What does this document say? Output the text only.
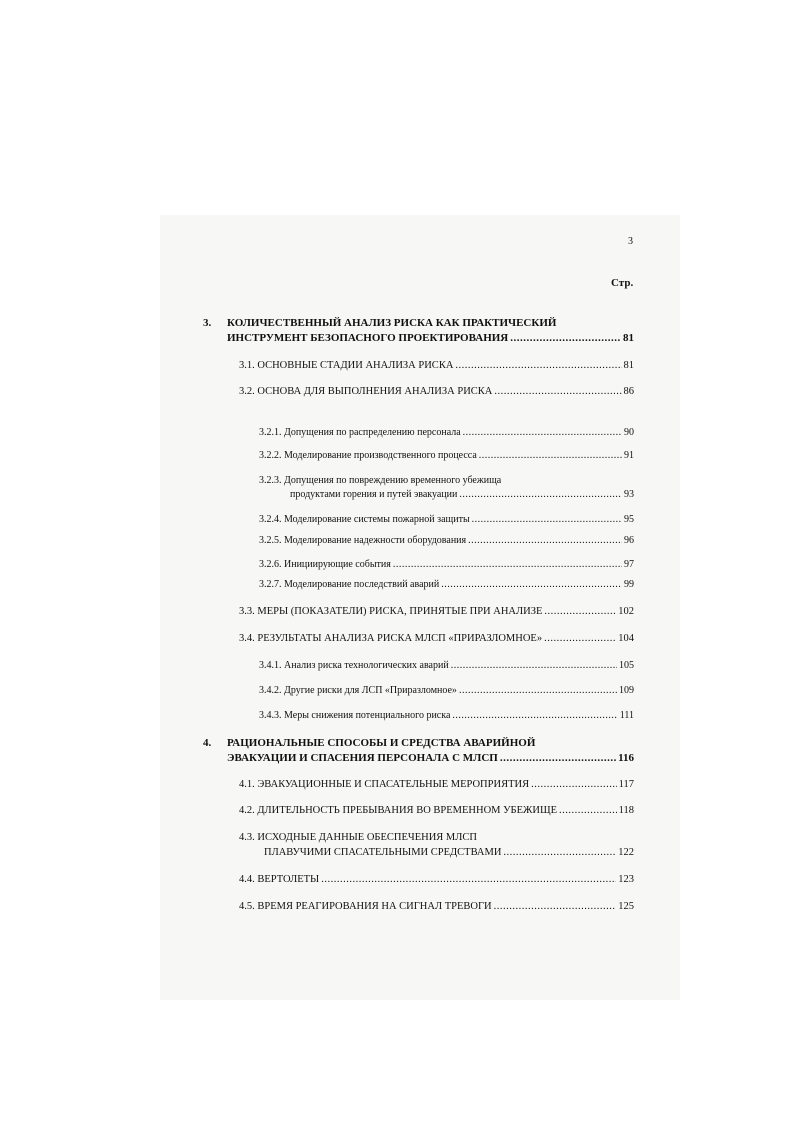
3
Стр.
3. КОЛИЧЕСТВЕННЫЙ АНАЛИЗ РИСКА КАК ПРАКТИЧЕСКИЙ
ИНСТРУМЕНТ БЕЗОПАСНОГО ПРОЕКТИРОВАНИЯ .....	81
3.1. ОСНОВНЫЕ СТАДИИ АНАЛИЗА РИСКА .....	81
3.2. ОСНОВА ДЛЯ ВЫПОЛНЕНИЯ АНАЛИЗА РИСКА .....	86
3.2.1. Допущения по распределению персонала .....	90
3.2.2. Моделирование производственного процесса .....	91
3.2.3. Допущения по повреждению временного убежища
продуктами горения и путей эвакуации .....	93
3.2.4. Моделирование системы пожарной защиты .....	95
3.2.5. Моделирование надежности оборудования .....	96
3.2.6. Инициирующие события .....	97
3.2.7. Моделирование последствий аварий .....	99
3.3. МЕРЫ (ПОКАЗАТЕЛИ) РИСКА, ПРИНЯТЫЕ ПРИ АНАЛИЗЕ .....	102
3.4. РЕЗУЛЬТАТЫ АНАЛИЗА РИСКА МЛСП «ПРИРАЗЛОМНОЕ» .....	104
3.4.1. Анализ риска технологических аварий .....	105
3.4.2. Другие риски для ЛСП «Приразломное» .....	109
3.4.3. Меры снижения потенциального риска .....	111
4. РАЦИОНАЛЬНЫЕ СПОСОБЫ И СРЕДСТВА АВАРИЙНОЙ
ЭВАКУАЦИИ И СПАСЕНИЯ ПЕРСОНАЛА С МЛСП .....	116
4.1. ЭВАКУАЦИОННЫЕ И СПАСАТЕЛЬНЫЕ МЕРОПРИЯТИЯ .....	117
4.2. ДЛИТЕЛЬНОСТЬ ПРЕБЫВАНИЯ ВО ВРЕМЕННОМ УБЕЖИЩЕ .....	118
4.3. ИСХОДНЫЕ ДАННЫЕ ОБЕСПЕЧЕНИЯ МЛСП
ПЛАВУЧИМИ СПАСАТЕЛЬНЫМИ СРЕДСТВАМИ .....	122
4.4. ВЕРТОЛЕТЫ .....	123
4.5. ВРЕМЯ РЕАГИРОВАНИЯ НА СИГНАЛ ТРЕВОГИ .....	125
